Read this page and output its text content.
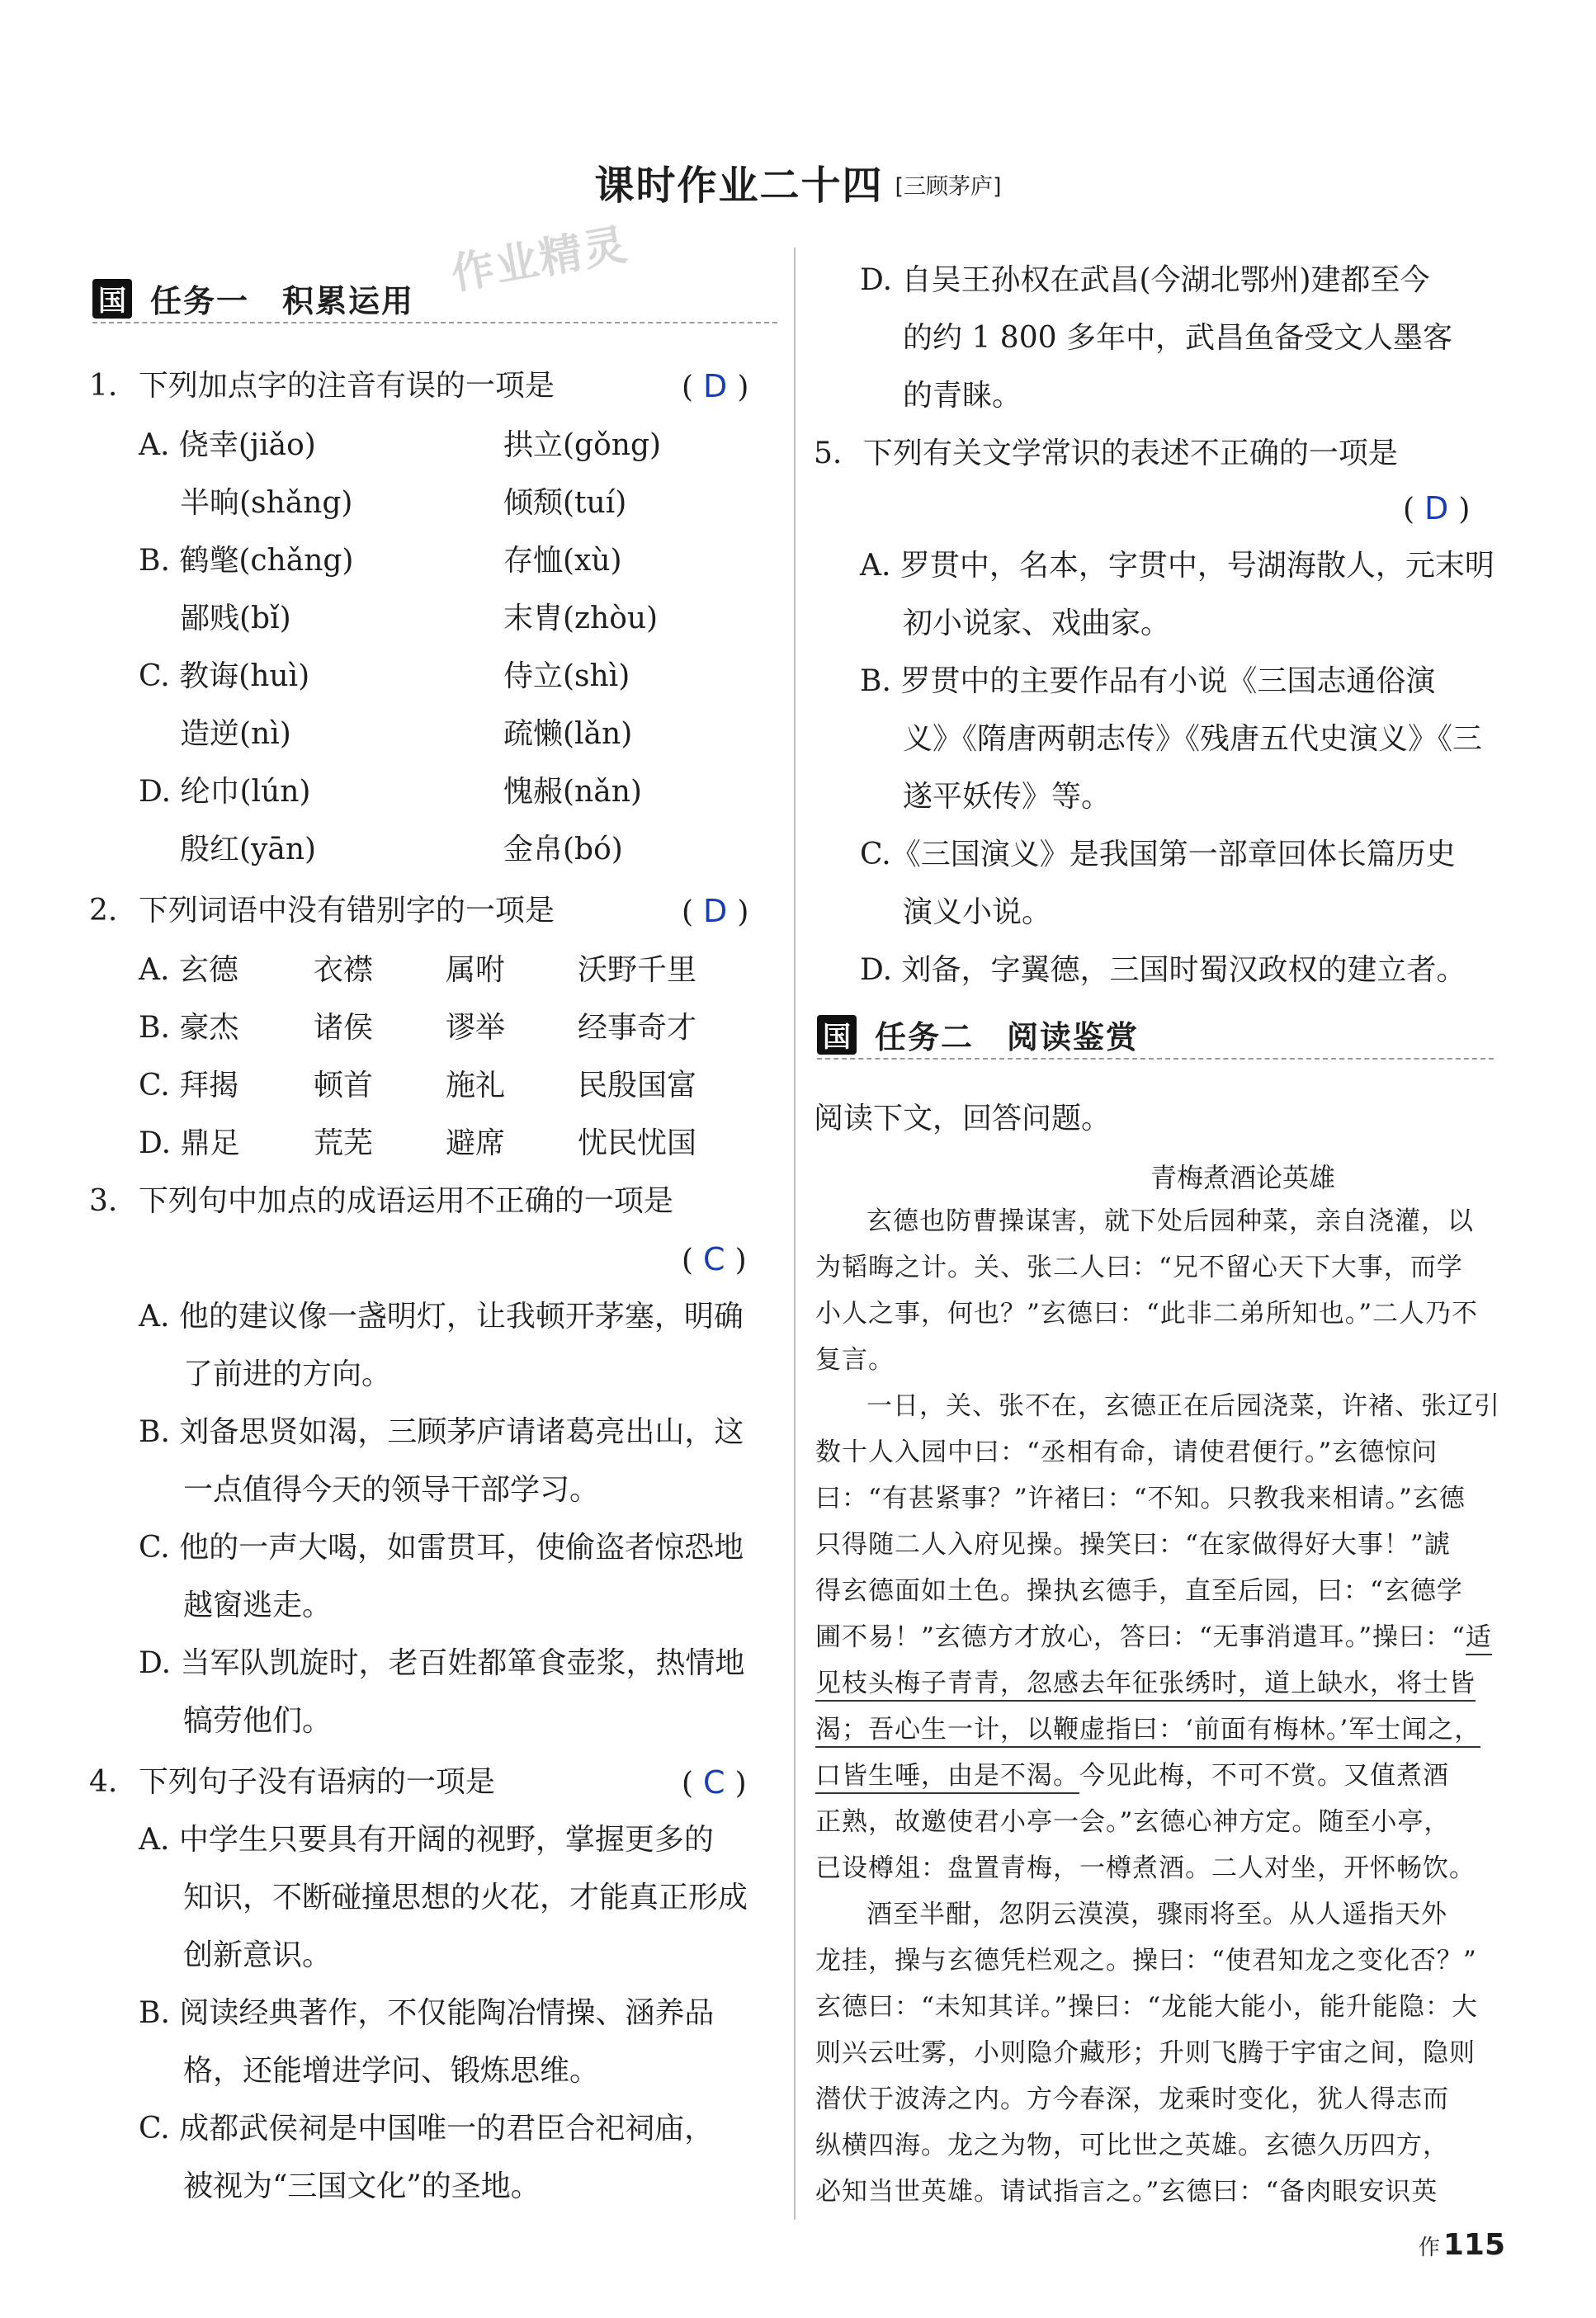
课时作业二十四 [三顾茅庐]
作业精灵
国 任务一　积累运用
1. 下列加点字的注音有误的一项是	( D )
A. 侥幸(jiǎo)	拱立(gǒng)
半晌(shǎng)	倾颓(tuí)
B. 鹤氅(chǎng)	存恤(xù)
鄙贱(bǐ)	末胄(zhòu)
C. 教诲(huì)	侍立(shì)
造逆(nì)	疏懒(lǎn)
D. 纶巾(lún)	愧赧(nǎn)
殷红(yān)	金帛(bó)
2. 下列词语中没有错别字的一项是	( D )
A. 玄德	衣襟 属咐 沃野千里
B. 豪杰	诸侯 谬举 经事奇才
C. 拜揭	顿首 施礼 民殷国富
D. 鼎足 荒芜 避席 忧民忧国
3. 下列句中加点的成语运用不正确的一项是
( C )
A. 他的建议像一盏明灯，让我顿开茅塞，明确
了前进的方向。
B. 刘备思贤如渴，三顾茅庐请诸葛亮出山，这
一点值得今天的领导干部学习。
C. 他的一声大喝，如雷贯耳，使偷盗者惊恐地
越窗逃走。
D. 当军队凯旋时，老百姓都箪食壶浆，热情地
犒劳他们。
4. 下列句子没有语病的一项是	( C )
A. 中学生只要具有开阔的视野，掌握更多的
知识，不断碰撞思想的火花，才能真正形成
创新意识。
B. 阅读经典著作，不仅能陶冶情操、涵养品
格，还能增进学问、锻炼思维。
C. 成都武侯祠是中国唯一的君臣合祀祠庙，
被视为“三国文化”的圣地。
D. 自吴王孙权在武昌(今湖北鄂州)建都至今
的约 1 800 多年中，武昌鱼备受文人墨客
的青睐。
5. 下列有关文学常识的表述不正确的一项是
( D )
A. 罗贯中，名本，字贯中，号湖海散人，元末明
初小说家、戏曲家。
B. 罗贯中的主要作品有小说《三国志通俗演
义》《隋唐两朝志传》《残唐五代史演义》《三
遂平妖传》等。
C.《三国演义》是我国第一部章回体长篇历史
演义小说。
D. 刘备，字翼德，三国时蜀汉政权的建立者。
国 任务二　阅读鉴赏
阅读下文，回答问题。
青梅煮酒论英雄
玄德也防曹操谋害，就下处后园种菜，亲自浇灌，以
为韬晦之计。关、张二人曰：“兄不留心天下大事，而学
小人之事，何也？”玄德曰：“此非二弟所知也。”二人乃不
复言。
一日，关、张不在，玄德正在后园浇菜，许褚、张辽引
数十人入园中曰：“丞相有命，请使君便行。”玄德惊问
曰：“有甚紧事？”许褚曰：“不知。只教我来相请。”玄德
只得随二人入府见操。操笑曰：“在家做得好大事！”諕
得玄德面如土色。操执玄德手，直至后园，曰：“玄德学
圃不易！”玄德方才放心，答曰：“无事消遣耳。”操曰：“适
见枝头梅子青青，忽感去年征张绣时，道上缺水，将士皆
渴；吾心生一计，以鞭虚指曰：‘前面有梅林。’军士闻之，
口皆生唾，由是不渴。今见此梅，不可不赏。又值煮酒
正熟，故邀使君小亭一会。”玄德心神方定。随至小亭，
已设樽俎：盘置青梅，一樽煮酒。二人对坐，开怀畅饮。
酒至半酣，忽阴云漠漠，骤雨将至。从人遥指天外
龙挂，操与玄德凭栏观之。操曰：“使君知龙之变化否？”
玄德曰：“未知其详。”操曰：“龙能大能小，能升能隐：大
则兴云吐雾，小则隐介藏形；升则飞腾于宇宙之间，隐则
潜伏于波涛之内。方今春深，龙乘时变化，犹人得志而
纵横四海。龙之为物，可比世之英雄。玄德久历四方，
必知当世英雄。请试指言之。”玄德曰：“备肉眼安识英
作 115
